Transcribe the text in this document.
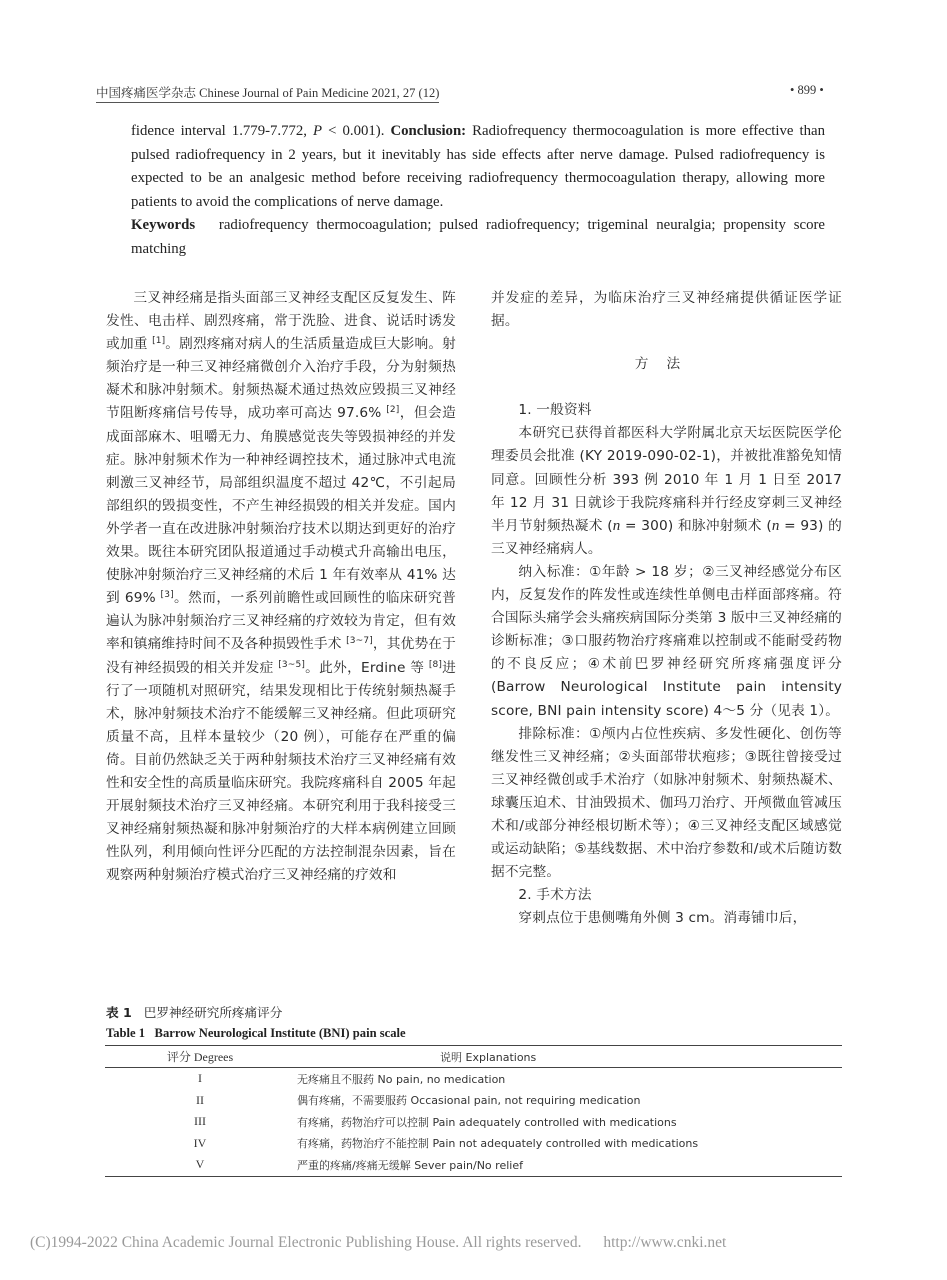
中国疼痛医学杂志 Chinese Journal of Pain Medicine 2021, 27 (12)	• 899 •
fidence interval 1.779-7.772, P < 0.001). Conclusion: Radiofrequency thermocoagulation is more effective than pulsed radiofrequency in 2 years, but it inevitably has side effects after nerve damage. Pulsed radiofrequency is expected to be an analgesic method before receiving radiofrequency thermocoagulation therapy, allowing more patients to avoid the complications of nerve damage.
Keywords radiofrequency thermocoagulation; pulsed radiofrequency; trigeminal neuralgia; propensity score matching

三叉神经痛是指头面部三叉神经支配区反复发生、阵发性、电击样、剧烈疼痛，常于洗脸、进食、说话时诱发或加重 [1]。剧烈疼痛对病人的生活质量造成巨大影响。射频治疗是一种三叉神经痛微创介入治疗手段，分为射频热凝术和脉冲射频术。射频热凝术通过热效应毁损三叉神经节阻断疼痛信号传导，成功率可高达 97.6% [2]，但会造成面部麻木、咀嚼无力、角膜感觉丧失等毁损神经的并发症。脉冲射频术作为一种神经调控技术，通过脉冲式电流刺激三叉神经节，局部组织温度不超过 42℃，不引起局部组织的毁损变性，不产生神经损毁的相关并发症。国内外学者一直在改进脉冲射频治疗技术以期达到更好的治疗效果。既往本研究团队报道通过手动模式升高输出电压，使脉冲射频治疗三叉神经痛的术后 1 年有效率从 41% 达到 69% [3]。然而，一系列前瞻性或回顾性的临床研究普遍认为脉冲射频治疗三叉神经痛的疗效较为肯定，但有效率和镇痛维持时间不及各种损毁性手术 [3~7]，其优势在于没有神经损毁的相关并发症 [3~5]。此外，Erdine 等 [8]进行了一项随机对照研究，结果发现相比于传统射频热凝手术，脉冲射频技术治疗不能缓解三叉神经痛。但此项研究质量不高，且样本量较少（20 例），可能存在严重的偏倚。目前仍然缺乏关于两种射频技术治疗三叉神经痛有效性和安全性的高质量临床研究。我院疼痛科自 2005 年起开展射频技术治疗三叉神经痛。本研究利用于我科接受三叉神经痛射频热凝和脉冲射频治疗的大样本病例建立回顾性队列，利用倾向性评分匹配的方法控制混杂因素，旨在观察两种射频治疗模式治疗三叉神经痛的疗效和

并发症的差异，为临床治疗三叉神经痛提供循证医学证据。

方法

1. 一般资料

本研究已获得首都医科大学附属北京天坛医院医学伦理委员会批准 (KY 2019-090-02-1)，并被批准豁免知情同意。回顾性分析 393 例 2010 年 1 月 1 日至 2017 年 12 月 31 日就诊于我院疼痛科并行经皮穿刺三叉神经半月节射频热凝术 (n = 300) 和脉冲射频术 (n = 93) 的三叉神经痛病人。

纳入标准：①年龄 > 18 岁；②三叉神经感觉分布区内，反复发作的阵发性或连续性单侧电击样面部疼痛。符合国际头痛学会头痛疾病国际分类第 3 版中三叉神经痛的诊断标准；③口服药物治疗疼痛难以控制或不能耐受药物的不良反应；④术前巴罗神经研究所疼痛强度评分 (Barrow Neurological Institute pain intensity score, BNI pain intensity score) 4～5 分（见表 1）。

排除标准：①颅内占位性疾病、多发性硬化、创伤等继发性三叉神经痛；②头面部带状疱疹；③既往曾接受过三叉神经微创或手术治疗（如脉冲射频术、射频热凝术、球囊压迫术、甘油毁损术、伽玛刀治疗、开颅微血管减压术和/或部分神经根切断术等）；④三叉神经支配区域感觉或运动缺陷；⑤基线数据、术中治疗参数和/或术后随访数据不完整。

2. 手术方法

穿刺点位于患侧嘴角外侧 3 cm。消毒铺巾后，

表 1 巴罗神经研究所疼痛评分
Table 1 Barrow Neurological Institute (BNI) pain scale
评分 Degrees	说明 Explanations
I	无疼痛且不服药 No pain, no medication
II	偶有疼痛，不需要服药 Occasional pain, not requiring medication
III	有疼痛，药物治疗可以控制 Pain adequately controlled with medications
IV	有疼痛，药物治疗不能控制 Pain not adequately controlled with medications
V	严重的疼痛/疼痛无缓解 Sever pain/No relief
(C)1994-2022 China Academic Journal Electronic Publishing House. All rights reserved. http://www.cnki.net
